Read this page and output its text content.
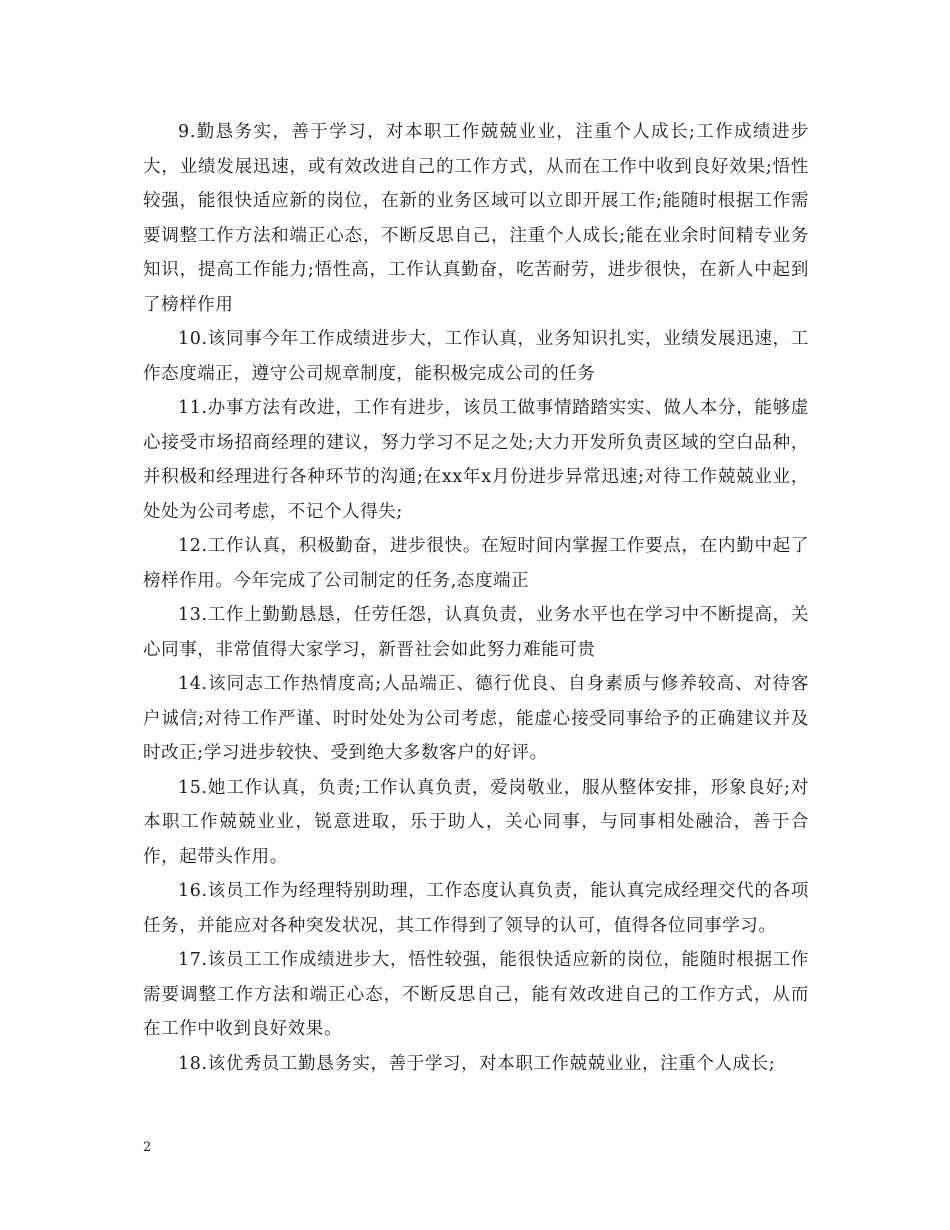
9.勤恳务实，善于学习，对本职工作兢兢业业，注重个人成长;工作成绩进步大，业绩发展迅速，或有效改进自己的工作方式，从而在工作中收到良好效果;悟性较强，能很快适应新的岗位，在新的业务区域可以立即开展工作;能随时根据工作需要调整工作方法和端正心态，不断反思自己，注重个人成长;能在业余时间精专业务知识，提高工作能力;悟性高，工作认真勤奋，吃苦耐劳，进步很快，在新人中起到了榜样作用

10.该同事今年工作成绩进步大，工作认真，业务知识扎实，业绩发展迅速，工作态度端正，遵守公司规章制度，能积极完成公司的任务

11.办事方法有改进，工作有进步，该员工做事情踏踏实实、做人本分，能够虚心接受市场招商经理的建议，努力学习不足之处;大力开发所负责区域的空白品种，并积极和经理进行各种环节的沟通;在xx年x月份进步异常迅速;对待工作兢兢业业，处处为公司考虑，不记个人得失;

12.工作认真，积极勤奋，进步很快。在短时间内掌握工作要点，在内勤中起了榜样作用。今年完成了公司制定的任务,态度端正

13.工作上勤勤恳恳，任劳任怨，认真负责，业务水平也在学习中不断提高，关心同事，非常值得大家学习，新晋社会如此努力难能可贵

14.该同志工作热情度高;人品端正、德行优良、自身素质与修养较高、对待客户诚信;对待工作严谨、时时处处为公司考虑，能虚心接受同事给予的正确建议并及时改正;学习进步较快、受到绝大多数客户的好评。

15.她工作认真，负责;工作认真负责，爱岗敬业，服从整体安排，形象良好;对本职工作兢兢业业，锐意进取，乐于助人，关心同事，与同事相处融洽，善于合作，起带头作用。

16.该员工作为经理特别助理，工作态度认真负责，能认真完成经理交代的各项任务，并能应对各种突发状况，其工作得到了领导的认可，值得各位同事学习。

17.该员工工作成绩进步大，悟性较强，能很快适应新的岗位，能随时根据工作需要调整工作方法和端正心态，不断反思自己，能有效改进自己的工作方式，从而在工作中收到良好效果。

18.该优秀员工勤恳务实，善于学习，对本职工作兢兢业业，注重个人成长;

2
